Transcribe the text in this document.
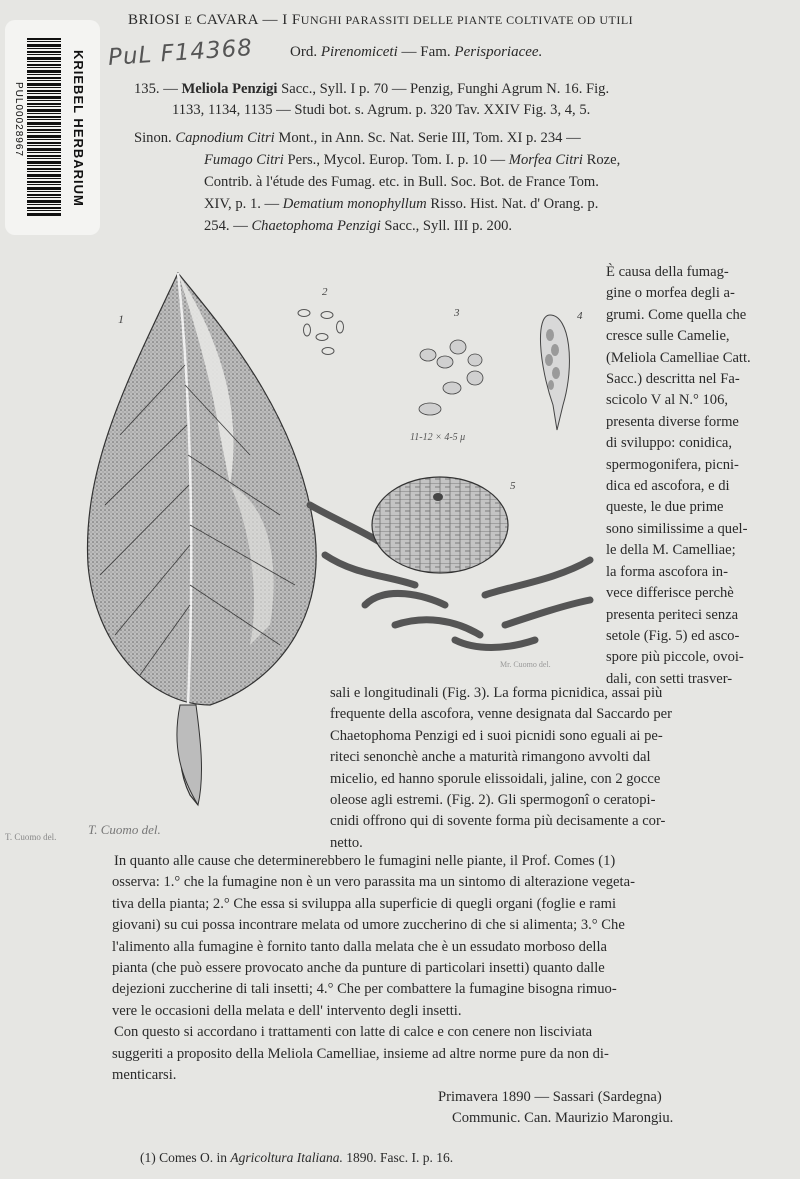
KRIEBEL HERBARIUM
PUL00028967
PuL F14368
BRIOSI E CAVARA — I FUNGHI PARASSITI DELLE PIANTE COLTIVATE OD UTILI
Ord. Pirenomiceti — Fam. Perisporiacee.
135. — Meliola Penzigi Sacc., Syll. I p. 70 — Penzig, Funghi Agrum N. 16. Fig.
1133, 1134, 1135 — Studi bot. s. Agrum. p. 320 Tav. XXIV Fig. 3, 4, 5.
Sinon. Capnodium Citri Mont., in Ann. Sc. Nat. Serie III, Tom. XI p. 234 —
Fumago Citri Pers., Mycol. Europ. Tom. I. p. 10 — Morfea Citri Roze,
Contrib. à l'étude des Fumag. etc. in Bull. Soc. Bot. de France Tom.
XIV, p. 1. — Dematium monophyllum Risso. Hist. Nat. d' Orang. p.
254. — Chaetophoma Penzigi Sacc., Syll. III p. 200.
1
T. Cuomo del. T. Cuomo del.
2
3
11-12 × 4-5 μ
4
5
Mr. Cuomo del.
È causa della fumag-
gine o morfea degli a-
grumi. Come quella che
cresce sulle Camelie,
(Meliola Camelliae Catt.
Sacc.) descritta nel Fa-
scicolo V al N.° 106,
presenta diverse forme
di sviluppo: conidica,
spermogonifera, picni-
dica ed ascofora, e di
queste, le due prime
sono similissime a quel-
le della M. Camelliae;
la forma ascofora in-
vece differisce perchè
presenta periteci senza
setole (Fig. 5) ed asco-
spore più piccole, ovoi-
dali, con setti trasver-
sali e longitudinali (Fig. 3). La forma picnidica, assai più
frequente della ascofora, venne designata dal Saccardo per
Chaetophoma Penzigi ed i suoi picnidi sono eguali ai pe-
riteci senonchè anche a maturità rimangono avvolti dal
micelio, ed hanno sporule elissoidali, jaline, con 2 gocce
oleose agli estremi. (Fig. 2). Gli spermogonî o ceratopi-
cnidi offrono qui di sovente forma più decisamente a cor-
netto.
In quanto alle cause che determinerebbero le fumagini nelle piante, il Prof. Comes (1)
osserva: 1.° che la fumagine non è un vero parassita ma un sintomo di alterazione vegeta-
tiva della pianta; 2.° Che essa si sviluppa alla superficie di quegli organi (foglie e rami
giovani) su cui possa incontrare melata od umore zuccherino di che si alimenta; 3.° Che
l'alimento alla fumagine è fornito tanto dalla melata che è un essudato morboso della
pianta (che può essere provocato anche da punture di particolari insetti) quanto dalle
dejezioni zuccherine di tali insetti; 4.° Che per combattere la fumagine bisogna rimuo-
vere le occasioni della melata e dell' intervento degli insetti.
Con questo si accordano i trattamenti con latte di calce e con cenere non lisciviata
suggeriti a proposito della Meliola Camelliae, insieme ad altre norme pure da non di-
menticarsi.
Primavera 1890 — Sassari (Sardegna)
Communic. Can. Maurizio Marongiu.
(1) Comes O. in Agricoltura Italiana. 1890. Fasc. I. p. 16.
